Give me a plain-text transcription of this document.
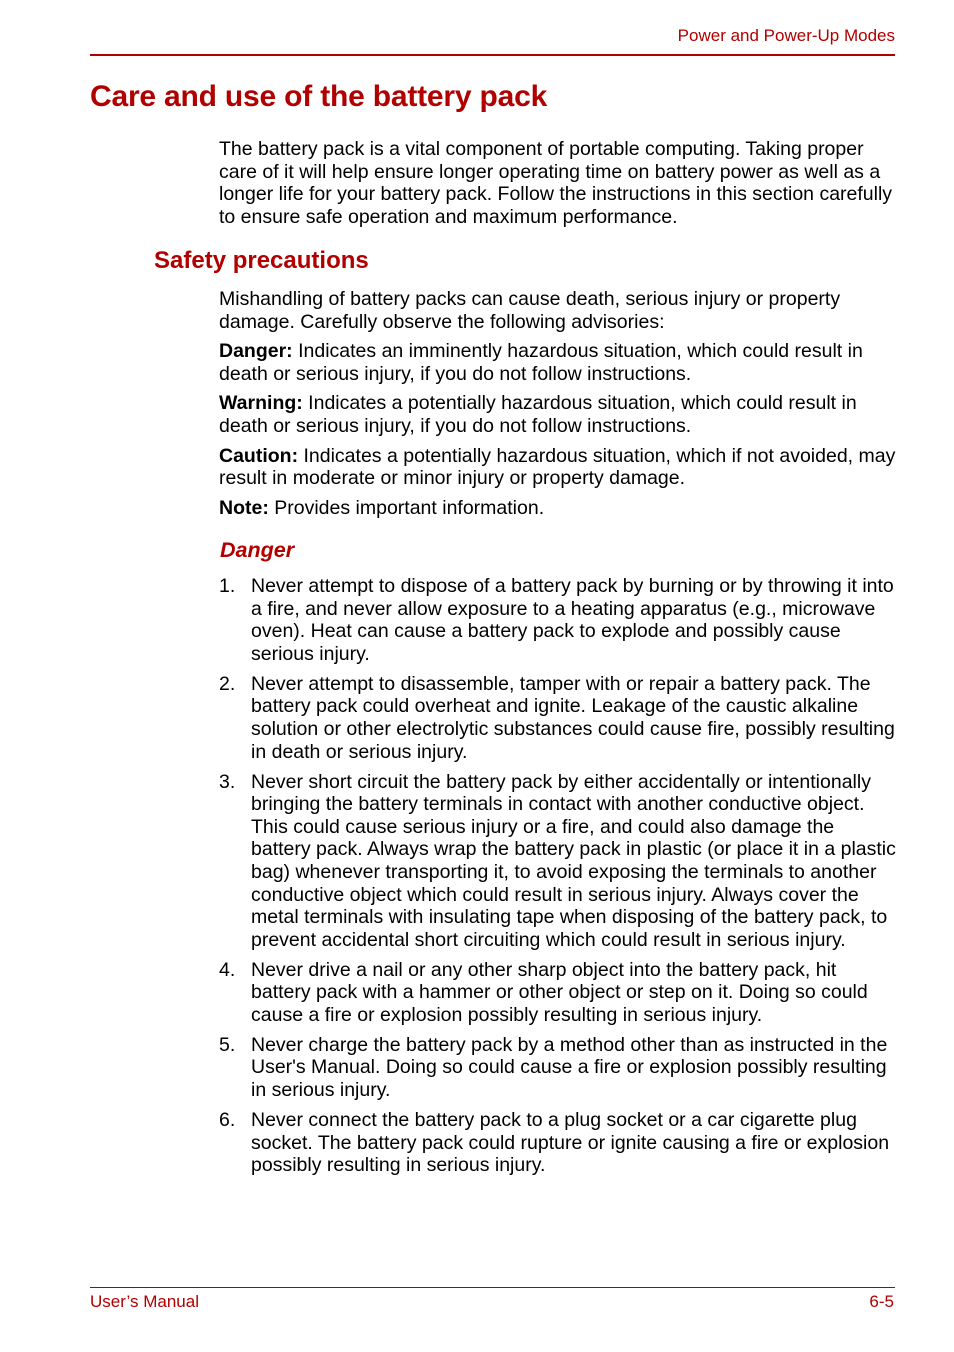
Power and Power-Up Modes
Care and use of the battery pack

The battery pack is a vital component of portable computing. Taking proper care of it will help ensure longer operating time on battery power as well as a longer life for your battery pack. Follow the instructions in this section carefully to ensure safe operation and maximum performance.

Safety precautions

Mishandling of battery packs can cause death, serious injury or property damage. Carefully observe the following advisories:

Danger: Indicates an imminently hazardous situation, which could result in death or serious injury, if you do not follow instructions.

Warning: Indicates a potentially hazardous situation, which could result in death or serious injury, if you do not follow instructions.

Caution: Indicates a potentially hazardous situation, which if not avoided, may result in moderate or minor injury or property damage.

Note: Provides important information.

Danger
1. Never attempt to dispose of a battery pack by burning or by throwing it into a fire, and never allow exposure to a heating apparatus (e.g., microwave oven). Heat can cause a battery pack to explode and possibly cause serious injury.
2. Never attempt to disassemble, tamper with or repair a battery pack. The battery pack could overheat and ignite. Leakage of the caustic alkaline solution or other electrolytic substances could cause fire, possibly resulting in death or serious injury.
3. Never short circuit the battery pack by either accidentally or intentionally bringing the battery terminals in contact with another conductive object. This could cause serious injury or a fire, and could also damage the battery pack. Always wrap the battery pack in plastic (or place it in a plastic bag) whenever transporting it, to avoid exposing the terminals to another conductive object which could result in serious injury. Always cover the metal terminals with insulating tape when disposing of the battery pack, to prevent accidental short circuiting which could result in serious injury.
4. Never drive a nail or any other sharp object into the battery pack, hit battery pack with a hammer or other object or step on it. Doing so could cause a fire or explosion possibly resulting in serious injury.
5. Never charge the battery pack by a method other than as instructed in the User's Manual. Doing so could cause a fire or explosion possibly resulting in serious injury.
6. Never connect the battery pack to a plug socket or a car cigarette plug socket. The battery pack could rupture or ignite causing a fire or explosion possibly resulting in serious injury.
User’s Manual	6-5
